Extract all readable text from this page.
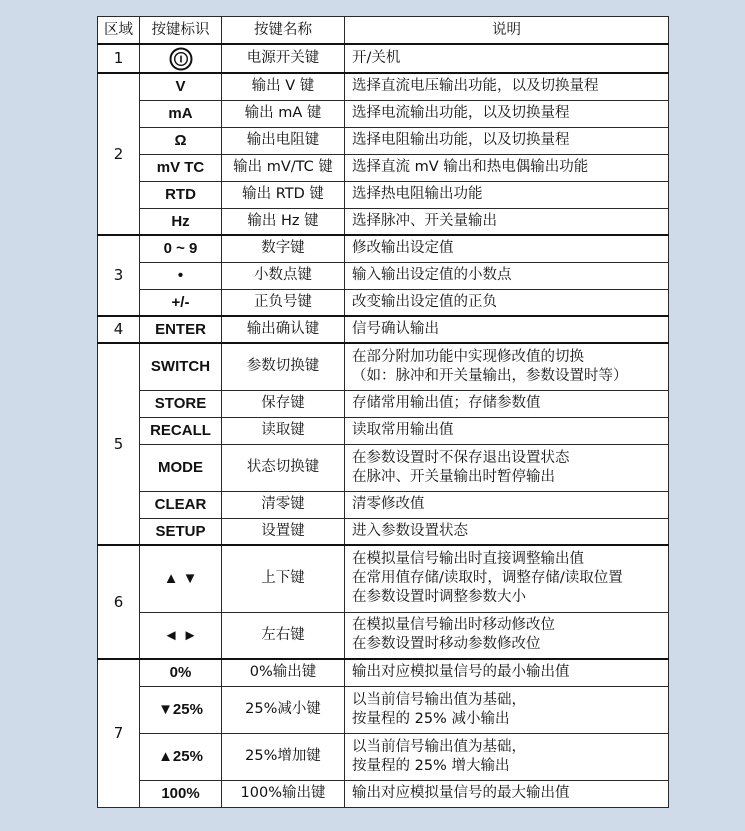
区域	按键标识	按键名称	说明
1		电源开关键	开/关机

2	V	输出 V 键	选择直流电压输出功能，以及切换量程

	mA	输出 mA 键	选择电流输出功能，以及切换量程

	Ω	输出电阻键	选择电阻输出功能，以及切换量程

	mV TC	输出 mV/TC 键	选择直流 mV 输出和热电偶输出功能

	RTD	输出 RTD 键	选择热电阻输出功能

	Hz	输出 Hz 键	选择脉冲、开关量输出

3	0 ~ 9	数字键	修改输出设定值

	•	小数点键	输入输出设定值的小数点

	+/-	正负号键	改变输出设定值的正负

4	ENTER	输出确认键	信号确认输出

5	SWITCH	参数切换键	在部分附加功能中实现修改值的切换
（如：脉冲和开关量输出，参数设置时等）

	STORE	保存键	存储常用输出值；存储参数值

	RECALL	读取键	读取常用输出值

	MODE	状态切换键	在参数设置时不保存退出设置状态
在脉冲、开关量输出时暂停输出

	CLEAR	清零键	清零修改值

	SETUP	设置键	进入参数设置状态

6	▲ ▼	上下键	在模拟量信号输出时直接调整输出值
在常用值存储/读取时，调整存储/读取位置
在参数设置时调整参数大小

	◄ ►	左右键	在模拟量信号输出时移动修改位
在参数设置时移动参数修改位

7	0%	0%输出键	输出对应模拟量信号的最小输出值

	▼25%	25%减小键	以当前信号输出值为基础，
按量程的 25% 减小输出

	▲25%	25%增加键	以当前信号输出值为基础，
按量程的 25% 增大输出

	100%	100%输出键	输出对应模拟量信号的最大输出值
